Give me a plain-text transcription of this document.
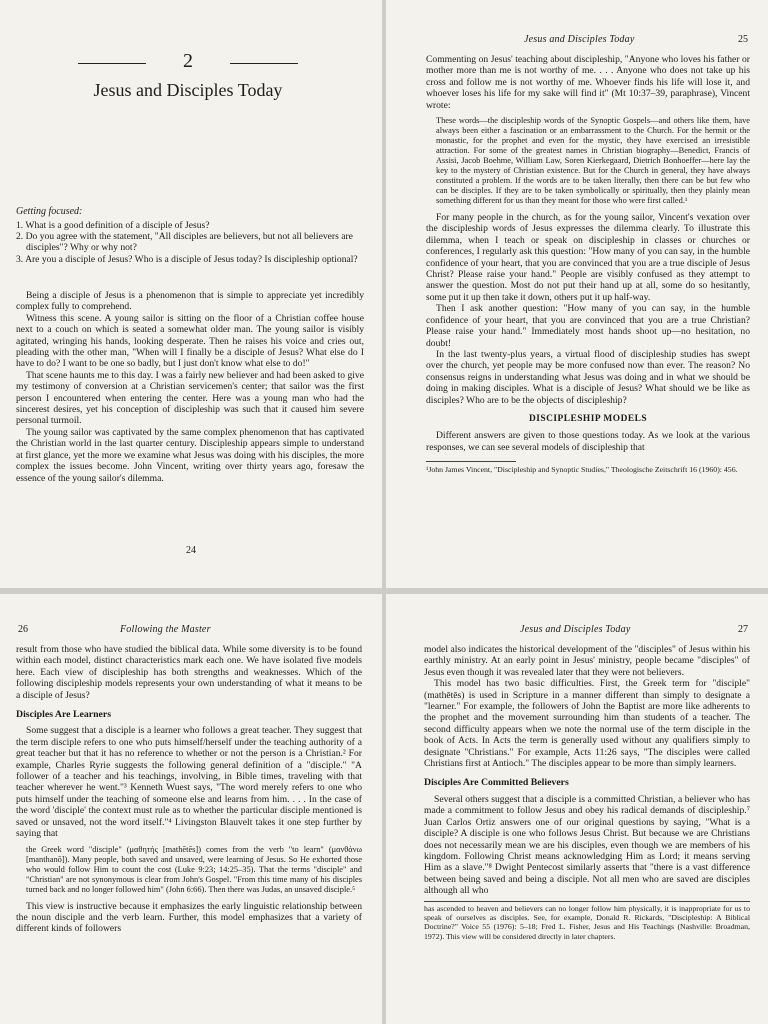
2
Jesus and Disciples Today
Getting focused:
1. What is a good definition of a disciple of Jesus?
2. Do you agree with the statement, "All disciples are believers, but not all believers are disciples"? Why or why not?
3. Are you a disciple of Jesus? Who is a disciple of Jesus today? Is discipleship optional?

Being a disciple of Jesus is a phenomenon that is simple to appreciate yet incredibly complex fully to comprehend.

Witness this scene. A young sailor is sitting on the floor of a Christian coffee house next to a couch on which is seated a somewhat older man. The young sailor is visibly agitated, wringing his hands, looking desperate. Then he raises his voice and cries out, pleading with the other man, "When will I finally be a disciple of Jesus? What else do I have to do? I want to be one so badly, but I just don't know what else to do!"

That scene haunts me to this day. I was a fairly new believer and had been asked to give my testimony of conversion at a Christian servicemen's center; that sailor was the first person I encountered when entering the center. Here was a young man who had the sincerest desires, yet his conception of discipleship was such that it caused him severe personal turmoil.

The young sailor was captivated by the same complex phenomenon that has captivated the Christian world in the last quarter century. Discipleship appears simple to understand at first glance, yet the more we examine what Jesus was doing with his disciples, the more complex the issues become. John Vincent, writing over thirty years ago, foresaw the essence of the young sailor's dilemma.

24
Jesus and Disciples Today	25

Commenting on Jesus' teaching about discipleship, "Anyone who loves his father or mother more than me is not worthy of me. . . . Anyone who does not take up his cross and follow me is not worthy of me. Whoever finds his life will lose it, and whoever loses his life for my sake will find it" (Mt 10:37–39, paraphrase), Vincent wrote:

These words—the discipleship words of the Synoptic Gospels—and others like them, have always been either a fascination or an embarrassment to the Church. For the hermit or the monastic, for the prophet and even for the mystic, they have exercised an irresistible attraction. For some of the greatest names in Christian biography—Benedict, Francis of Assisi, Jacob Boehme, William Law, Soren Kierkegaard, Dietrich Bonhoeffer—here lay the key to the mystery of Christian existence. But for the Church in general, they have always constituted a problem. If the words are to be taken literally, then there can be but few who can be disciples. If they are to be taken symbolically or spiritually, then they plainly mean something different for us than they meant for those who were first called.¹

For many people in the church, as for the young sailor, Vincent's vexation over the discipleship words of Jesus expresses the dilemma clearly. To illustrate this dilemma, when I teach or speak on discipleship in classes or churches or conferences, I regularly ask this question: "How many of you can say, in the humble confidence of your heart, that you are convinced that you are a true disciple of Jesus Christ? Please raise your hand." People are visibly confused as they attempt to answer the question. Most do not put their hand up at all, some do so hesitantly, some put it up then take it down, others put it up half-way.

Then I ask another question: "How many of you can say, in the humble confidence of your heart, that you are convinced that you are a true Christian? Please raise your hand." Immediately most hands shoot up—no hesitation, no doubt!

In the last twenty-plus years, a virtual flood of discipleship studies has swept over the church, yet people may be more confused now than ever. The reason? No consensus reigns in understanding what Jesus was doing and in what we should be doing in making disciples. What is a disciple of Jesus? What should we be like as disciples? Who are to be the objects of discipleship?

DISCIPLESHIP MODELS

Different answers are given to those questions today. As we look at the various responses, we can see several models of discipleship that

¹John James Vincent, "Discipleship and Synoptic Studies," Theologische Zeitschrift 16 (1960): 456.
26	Following the Master

result from those who have studied the biblical data. While some diversity is to be found within each model, distinct characteristics mark each one. We have isolated five models here. Each view of discipleship has both strengths and weaknesses. Which of the following discipleship models represents your own understanding of what it means to be a disciple of Jesus?

Disciples Are Learners

Some suggest that a disciple is a learner who follows a great teacher. They suggest that the term disciple refers to one who puts himself/herself under the teaching authority of a great teacher but that it has no reference to whether or not the person is a Christian.² For example, Charles Ryrie suggests the following general definition of a "disciple." "A follower of a teacher and his teachings, involving, in Bible times, traveling with that teacher wherever he went."³ Kenneth Wuest says, "The word merely refers to one who puts himself under the teaching of someone else and learns from him. . . . In the case of the word 'disciple' the context must rule as to whether the particular disciple mentioned is saved or unsaved, not the word itself."⁴ Livingston Blauvelt takes it one step further by saying that

the Greek word "disciple" (μαθητής [mathētēs]) comes from the verb "to learn" (μανθάνω [manthanō]). Many people, both saved and unsaved, were learning of Jesus. So He exhorted those who would follow Him to count the cost (Luke 9:23; 14:25–35). That the terms "disciple" and "Christian" are not synonymous is clear from John's Gospel. "From this time many of his disciples turned back and no longer followed him" (John 6:66). Then there was Judas, an unsaved disciple.⁵

This view is instructive because it emphasizes the early linguistic relationship between the noun disciple and the verb learn. Further, this model emphasizes that a variety of different kinds of followers

Jesus and Disciples Today	27

model also indicates the historical development of the "disciples" of Jesus within his earthly ministry. At an early point in Jesus' ministry, people became "disciples" of Jesus even though it was revealed later that they were not believers.

This model has two basic difficulties. First, the Greek term for "disciple" (mathētēs) is used in Scripture in a manner different than simply to designate a "learner." For example, the followers of John the Baptist are more like adherents to the prophet and the movement surrounding him than students of a teacher. The second difficulty appears when we note the normal use of the term disciple in the book of Acts. In Acts the term is generally used without any qualifiers simply to designate "Christians." For example, Acts 11:26 says, "The disciples were called Christians first at Antioch." The disciples appear to be more than simply learners.

Disciples Are Committed Believers

Several others suggest that a disciple is a committed Christian, a believer who has made a commitment to follow Jesus and obey his radical demands of discipleship.⁷ Juan Carlos Ortiz answers one of our original questions by saying, "What is a disciple? A disciple is one who follows Jesus Christ. But because we are Christians does not necessarily mean we are his disciples, even though we are members of his kingdom. Following Christ means acknowledging Him as Lord; it means serving Him as a slave."⁸ Dwight Pentecost similarly asserts that "there is a vast difference between being saved and being a disciple. Not all men who are saved are disciples although all who

has ascended to heaven and believers can no longer follow him physically, it is inappropriate for us to speak of ourselves as disciples. See, for example, Donald R. Rickards, "Discipleship: A Biblical Doctrine?" Voice 55 (1976): 5–18; Fred L. Fisher, Jesus and His Teachings (Nashville: Broadman, 1972). This view will be considered directly in later chapters.
